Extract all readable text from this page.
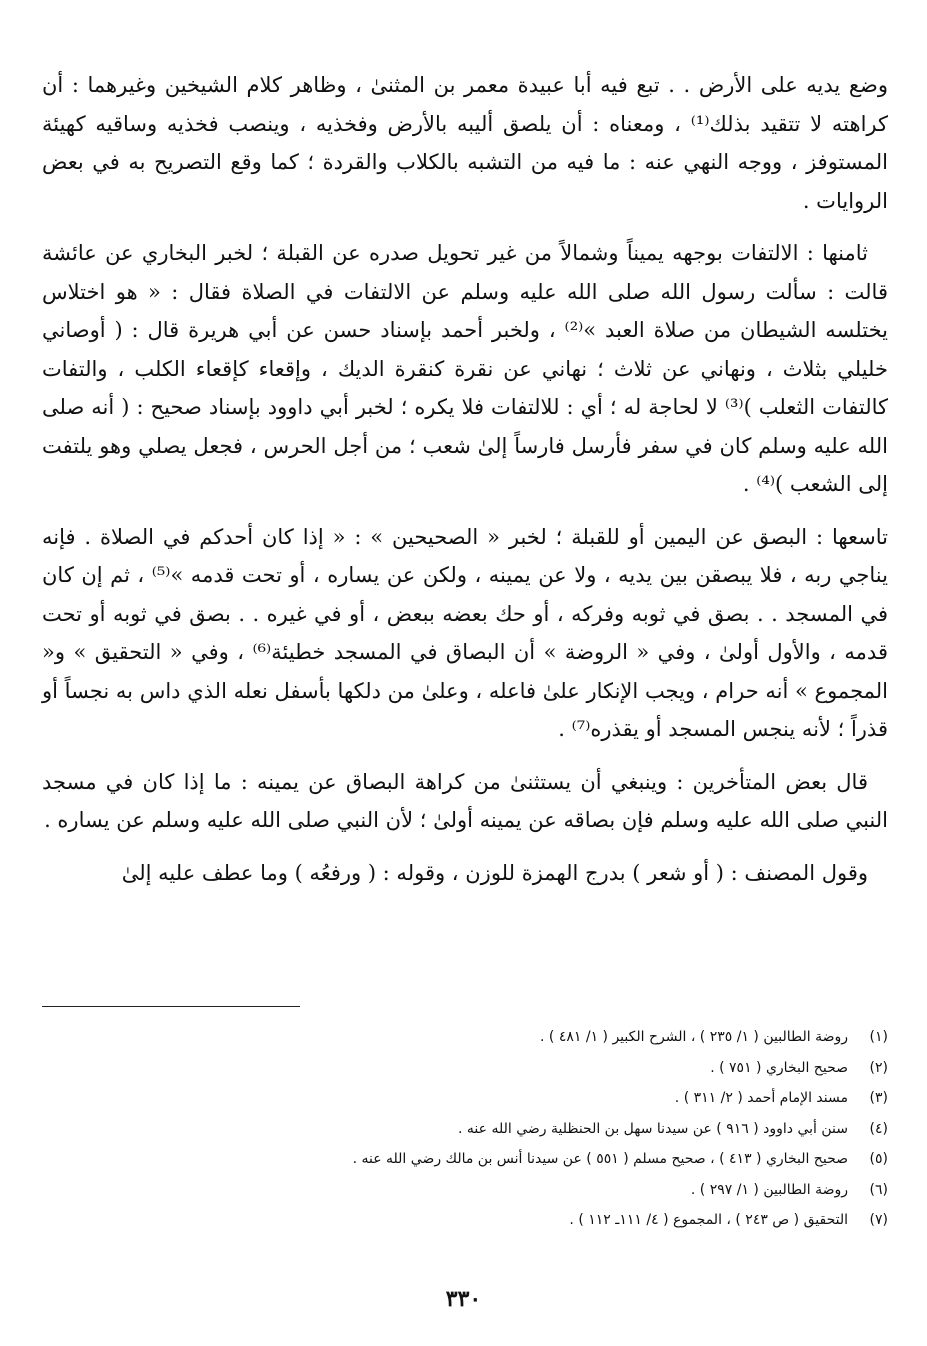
وضع يديه على الأرض . . تبع فيه أبا عبيدة معمر بن المثنىٰ ، وظاهر كلام الشيخين وغيرهما : أن كراهته لا تتقيد بذلك⁽¹⁾ ، ومعناه : أن يلصق أليبه بالأرض وفخذيه ، وينصب فخذيه وساقيه كهيئة المستوفز ، ووجه النهي عنه : ما فيه من التشبه بالكلاب والقردة ؛ كما وقع التصريح به في بعض الروايات .

ثامنها : الالتفات بوجهه يميناً وشمالاً من غير تحويل صدره عن القبلة ؛ لخبر البخاري عن عائشة قالت : سألت رسول الله صلى الله عليه وسلم عن الالتفات في الصلاة فقال : « هو اختلاس يختلسه الشيطان من صلاة العبد »⁽²⁾ ، ولخبر أحمد بإسناد حسن عن أبي هريرة قال : ( أوصاني خليلي بثلاث ، ونهاني عن ثلاث ؛ نهاني عن نقرة كنقرة الديك ، وإقعاء كإقعاء الكلب ، والتفات كالتفات الثعلب )⁽³⁾ لا لحاجة له ؛ أي : للالتفات فلا يكره ؛ لخبر أبي داوود بإسناد صحيح : ( أنه صلى الله عليه وسلم كان في سفر فأرسل فارساً إلىٰ شعب ؛ من أجل الحرس ، فجعل يصلي وهو يلتفت إلى الشعب )⁽⁴⁾ .

تاسعها : البصق عن اليمين أو للقبلة ؛ لخبر « الصحيحين » : « إذا كان أحدكم في الصلاة . فإنه يناجي ربه ، فلا يبصقن بين يديه ، ولا عن يمينه ، ولكن عن يساره ، أو تحت قدمه »⁽⁵⁾ ، ثم إن كان في المسجد . . بصق في ثوبه وفركه ، أو حك بعضه ببعض ، أو في غيره . . بصق في ثوبه أو تحت قدمه ، والأول أولىٰ ، وفي « الروضة » أن البصاق في المسجد خطيئة⁽⁶⁾ ، وفي « التحقيق » و« المجموع » أنه حرام ، ويجب الإنكار علىٰ فاعله ، وعلىٰ من دلكها بأسفل نعله الذي داس به نجساً أو قذراً ؛ لأنه ينجس المسجد أو يقذره⁽⁷⁾ .

قال بعض المتأخرين : وينبغي أن يستثنىٰ من كراهة البصاق عن يمينه : ما إذا كان في مسجد النبي صلى الله عليه وسلم فإن بصاقه عن يمينه أولىٰ ؛ لأن النبي صلى الله عليه وسلم عن يساره .

وقول المصنف : ( أو شعر ) بدرج الهمزة للوزن ، وقوله : ( ورفعُه ) وما عطف عليه إلىٰ

(١)
روضة الطالبين ( ١/ ٢٣٥ ) ، الشرح الكبير ( ١/ ٤٨١ ) .
(٢)
صحيح البخاري ( ٧٥١ ) .
(٣)
مسند الإمام أحمد ( ٢/ ٣١١ ) .
(٤)
سنن أبي داوود ( ٩١٦ ) عن سيدنا سهل بن الحنظلية رضي الله عنه .
(٥)
صحيح البخاري ( ٤١٣ ) ، صحيح مسلم ( ٥٥١ ) عن سيدنا أنس بن مالك رضي الله عنه .
(٦)
روضة الطالبين ( ١/ ٢٩٧ ) .
(٧)
التحقيق ( ص ٢٤٣ ) ، المجموع ( ٤/ ١١١ـ ١١٢ ) .
٣٣٠
